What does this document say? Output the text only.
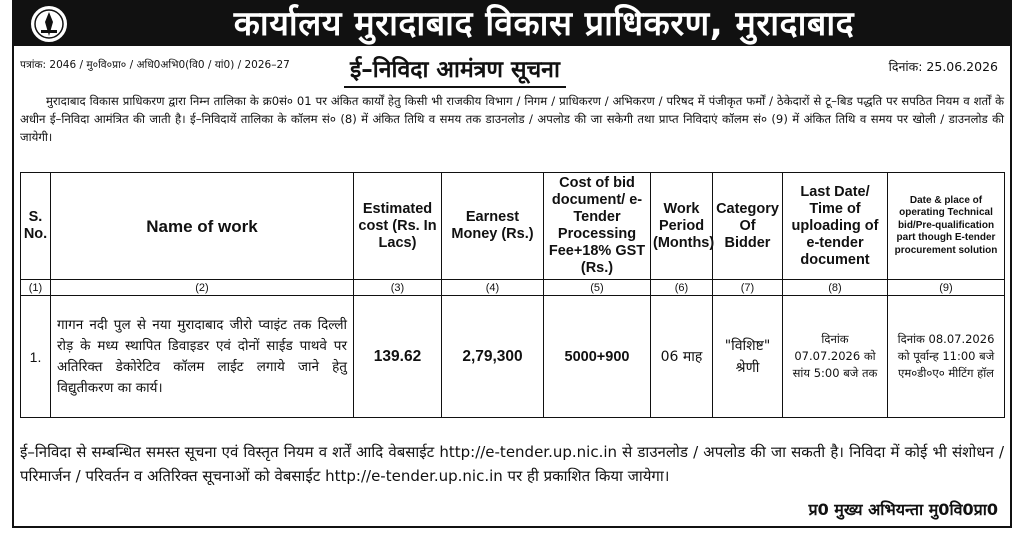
कार्यालय मुरादाबाद विकास प्राधिकरण, मुरादाबाद
पत्रांक: 2046 / मु०वि०प्रा० / अधि0अभि0(वि0 / यां0) / 2026–27	ई–निविदा आमंत्रण सूचना	दिनांक: 25.06.2026

मुरादाबाद विकास प्राधिकरण द्वारा निम्न तालिका के क्र0सं० 01 पर अंकित कार्यों हेतु किसी भी राजकीय विभाग / निगम / प्राधिकरण / अभिकरण / परिषद में पंजीकृत फर्मों / ठेकेदारों से टू–बिड पद्धति पर सपठित नियम व शर्तों के अधीन ई–निविदा आमंत्रित की जाती है। ई–निविदायें तालिका के कॉलम सं० (8) में अंकित तिथि व समय तक डाउनलोड / अपलोड की जा सकेगी तथा प्राप्त निविदाएं कॉलम सं० (9) में अंकित तिथि व समय पर खोली / डाउनलोड की जायेगी।

S. No.	Name of work	Estimated cost (Rs. In Lacs)	Earnest Money (Rs.)	Cost of bid document/ e-Tender Processing Fee+18% GST (Rs.)	Work Period (Months)	Category Of Bidder	Last Date/ Time of uploading of e-tender document	Date & place of operating Technical bid/Pre-qualification part though E-tender procurement solution
(1)	(2)	(3)	(4)	(5)	(6)	(7)	(8)	(9)
1.	गागन नदी पुल से नया मुरादाबाद जीरो प्वाइंट तक दिल्ली रोड़ के मध्य स्थापित डिवाइडर एवं दोनों साईड पाथवे पर अतिरिक्त डेकोरेटिव कॉलम लाईट लगाये जाने हेतु विद्युतीकरण का कार्य।	139.62	2,79,300	5000+900	06 माह	"विशिष्ट" श्रेणी	दिनांक 07.07.2026 को सांय 5:00 बजे तक	दिनांक 08.07.2026 को पूर्वान्ह 11:00 बजे एम०डी०ए० मीटिंग हॉल

ई–निविदा से सम्बन्धित समस्त सूचना एवं विस्तृत नियम व शर्तें आदि वेबसाईट http://e-tender.up.nic.in से डाउनलोड / अपलोड की जा सकती है। निविदा में कोई भी संशोधन / परिमार्जन / परिवर्तन व अतिरिक्त सूचनाओं को वेबसाईट http://e-tender.up.nic.in पर ही प्रकाशित किया जायेगा।

प्र0 मुख्य अभियन्ता मु0वि0प्रा0
